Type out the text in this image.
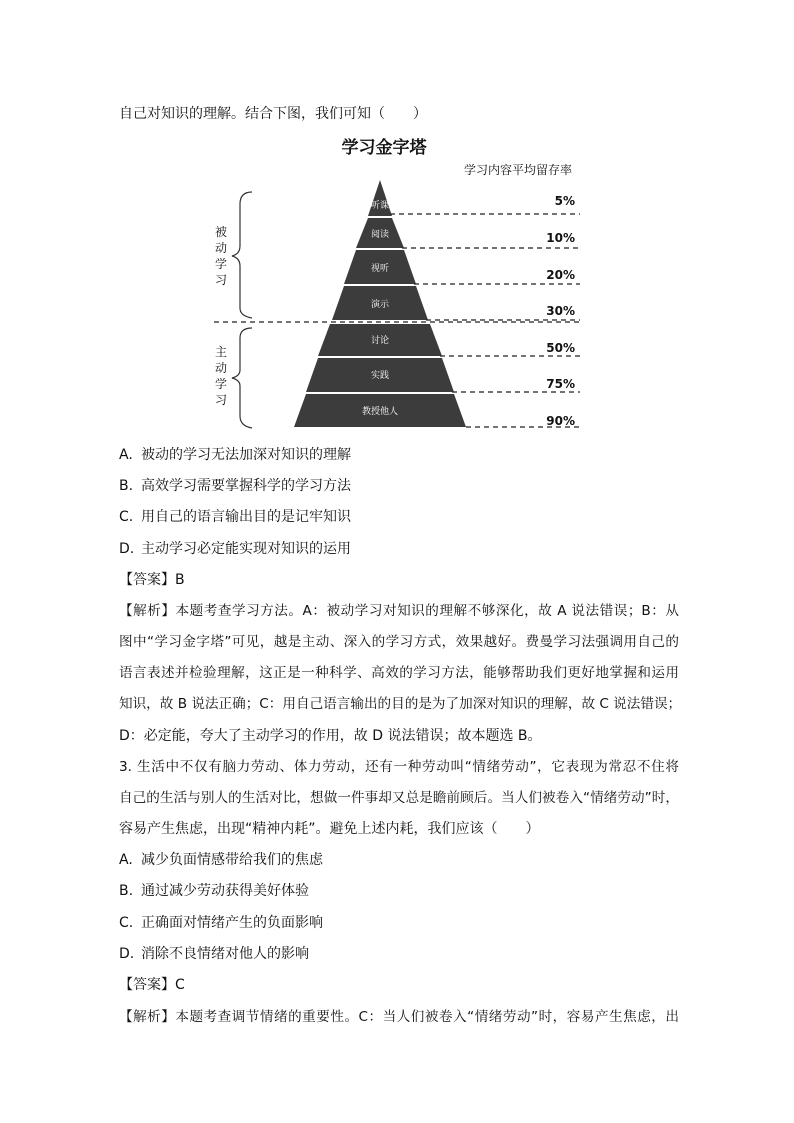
自己对知识的理解。结合下图，我们可知（　　）
学习金字塔
学习内容平均留存率
听课
阅读
视听
演示
讨论
实践
教授他人
5%
10%
20%
30%
50%
75%
90%
被
动
学
习
主
动
学
习
A. 被动的学习无法加深对知识的理解
B. 高效学习需要掌握科学的学习方法
C. 用自己的语言输出目的是记牢知识
D. 主动学习必定能实现对知识的运用
【答案】B
【解析】本题考查学习方法。A：被动学习对知识的理解不够深化，故 A 说法错误；B：从
图中“学习金字塔”可见，越是主动、深入的学习方式，效果越好。费曼学习法强调用自己的
语言表述并检验理解，这正是一种科学、高效的学习方法，能够帮助我们更好地掌握和运用
知识，故 B 说法正确；C：用自己语言输出的目的是为了加深对知识的理解，故 C 说法错误；
D：必定能，夸大了主动学习的作用，故 D 说法错误；故本题选 B。
3. 生活中不仅有脑力劳动、体力劳动，还有一种劳动叫“情绪劳动”，它表现为常忍不住将
自己的生活与别人的生活对比，想做一件事却又总是瞻前顾后。当人们被卷入“情绪劳动”时，
容易产生焦虑，出现“精神内耗”。避免上述内耗，我们应该（　　）
A. 减少负面情感带给我们的焦虑
B. 通过减少劳动获得美好体验
C. 正确面对情绪产生的负面影响
D. 消除不良情绪对他人的影响
【答案】C
【解析】本题考查调节情绪的重要性。C：当人们被卷入“情绪劳动”时，容易产生焦虑，出
